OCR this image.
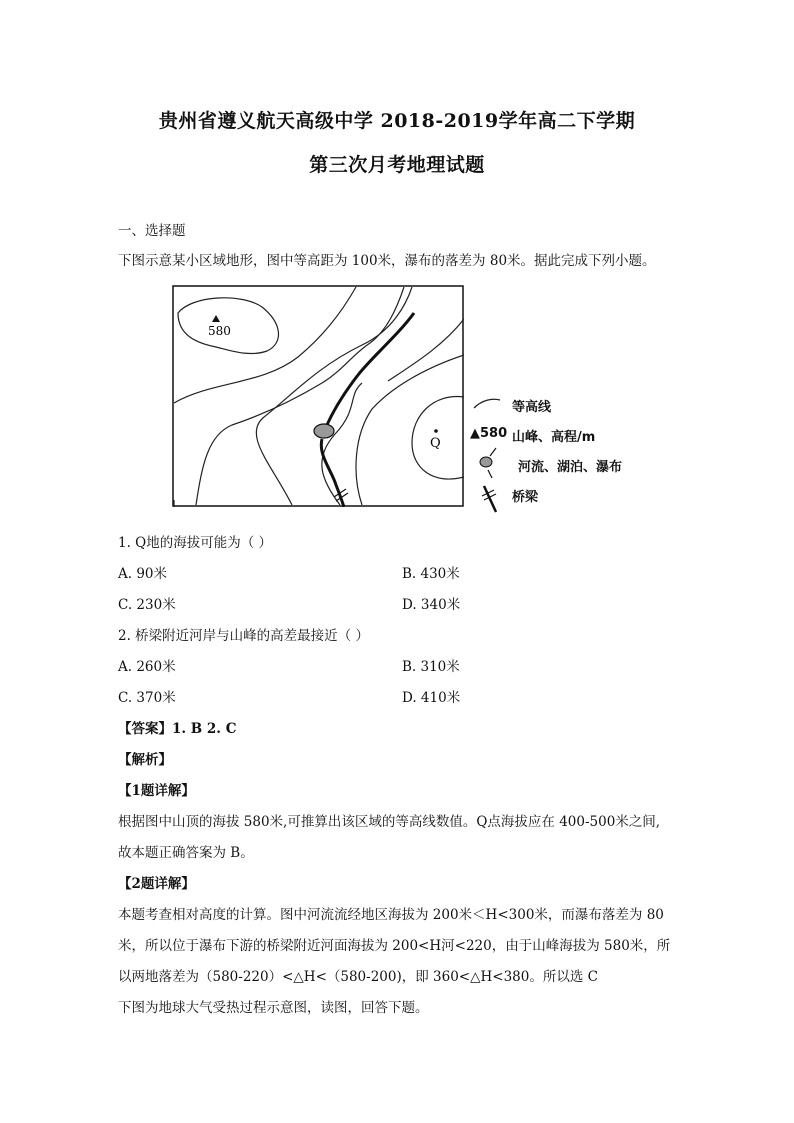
贵州省遵义航天高级中学 2018-2019学年高二下学期
第三次月考地理试题
一、选择题
下图示意某小区域地形，图中等高距为 100米，瀑布的落差为 80米。据此完成下列小题。
580
Q
等高线
▲580 山峰、高程/m
河流、湖泊、瀑布
桥梁
1. Q地的海拔可能为（ ）
A. 90米	B. 430米
C. 230米	D. 340米
2. 桥梁附近河岸与山峰的高差最接近（ ）
A. 260米	B. 310米
C. 370米	D. 410米
【答案】1. B 2. C
【解析】
【1题详解】
根据图中山顶的海拔 580米,可推算出该区域的等高线数值。Q点海拔应在 400-500米之间,
故本题正确答案为 B。
【2题详解】
本题考查相对高度的计算。图中河流流经地区海拔为 200米＜H<300米，而瀑布落差为 80
米，所以位于瀑布下游的桥梁附近河面海拔为 200<H河<220，由于山峰海拔为 580米，所
以两地落差为（580-220）<△H<（580-200)，即 360<△H<380。所以选 C
下图为地球大气受热过程示意图，读图，回答下题。
